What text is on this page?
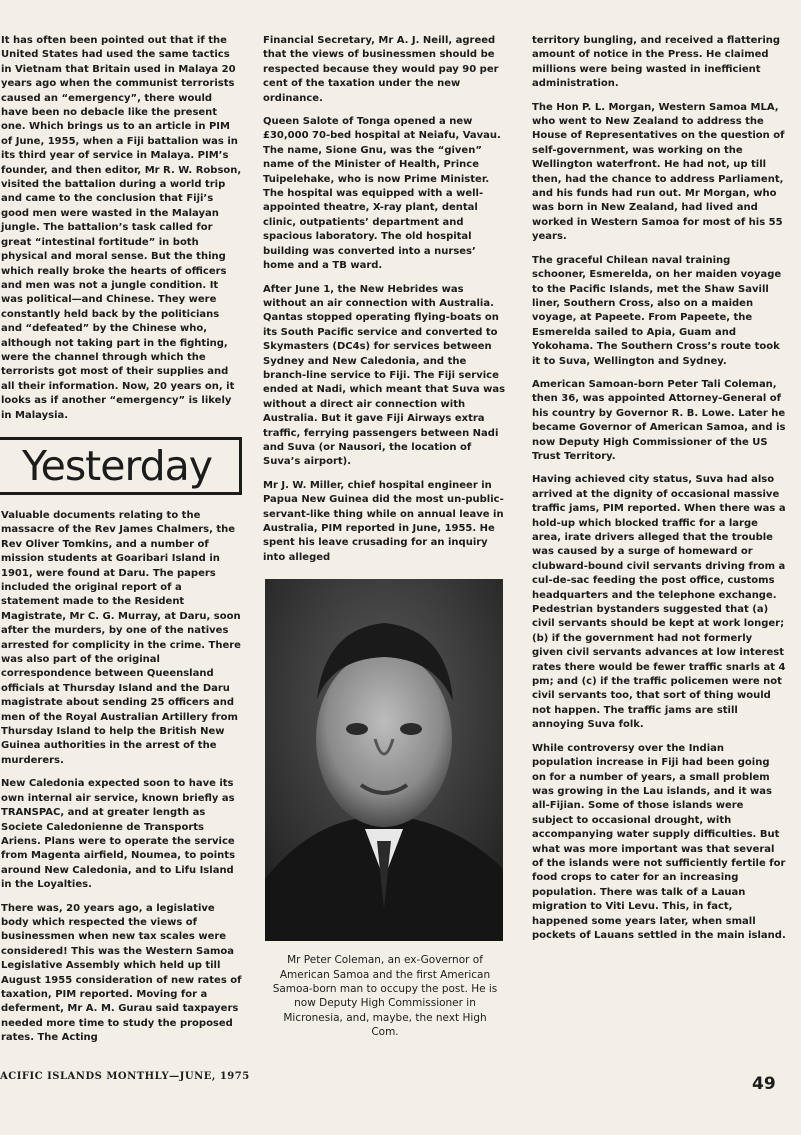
It has often been pointed out that if the United States had used the same tactics in Vietnam that Britain used in Malaya 20 years ago when the communist terrorists caused an “emergency”, there would have been no debacle like the present one. Which brings us to an article in PIM of June, 1955, when a Fiji battalion was in its third year of service in Malaya. PIM’s founder, and then editor, Mr R. W. Robson, visited the battalion during a world trip and came to the conclusion that Fiji’s good men were wasted in the Malayan jungle. The battalion’s task called for great “intestinal fortitude” in both physical and moral sense. But the thing which really broke the hearts of officers and men was not a jungle condition. It was political—and Chinese. They were constantly held back by the politicians and “defeated” by the Chinese who, although not taking part in the fighting, were the channel through which the terrorists got most of their supplies and all their information. Now, 20 years on, it looks as if another “emergency” is likely in Malaysia.

Yesterday

Valuable documents relating to the massacre of the Rev James Chalmers, the Rev Oliver Tomkins, and a number of mission students at Goaribari Island in 1901, were found at Daru. The papers included the original report of a statement made to the Resident Magistrate, Mr C. G. Murray, at Daru, soon after the murders, by one of the natives arrested for complicity in the crime. There was also part of the original correspondence between Queensland officials at Thursday Island and the Daru magistrate about sending 25 officers and men of the Royal Australian Artillery from Thursday Island to help the British New Guinea authorities in the arrest of the murderers.

New Caledonia expected soon to have its own internal air service, known briefly as TRANSPAC, and at greater length as Societe Caledonienne de Transports Ariens. Plans were to operate the service from Magenta airfield, Noumea, to points around New Caledonia, and to Lifu Island in the Loyalties.

There was, 20 years ago, a legislative body which respected the views of businessmen when new tax scales were considered! This was the Western Samoa Legislative Assembly which held up till August 1955 consideration of new rates of taxation, PIM reported. Moving for a deferment, Mr A. M. Gurau said taxpayers needed more time to study the proposed rates. The Acting

Financial Secretary, Mr A. J. Neill, agreed that the views of businessmen should be respected because they would pay 90 per cent of the taxation under the new ordinance.

Queen Salote of Tonga opened a new £30,000 70-bed hospital at Neiafu, Vavau. The name, Sione Gnu, was the “given” name of the Minister of Health, Prince Tuipelehake, who is now Prime Minister. The hospital was equipped with a well-appointed theatre, X-ray plant, dental clinic, outpatients’ department and spacious laboratory. The old hospital building was converted into a nurses’ home and a TB ward.

After June 1, the New Hebrides was without an air connection with Australia. Qantas stopped operating flying-boats on its South Pacific service and converted to Skymasters (DC4s) for services between Sydney and New Caledonia, and the branch-line service to Fiji. The Fiji service ended at Nadi, which meant that Suva was without a direct air connection with Australia. But it gave Fiji Airways extra traffic, ferrying passengers between Nadi and Suva (or Nausori, the location of Suva’s airport).

Mr J. W. Miller, chief hospital engineer in Papua New Guinea did the most un-public-servant-like thing while on annual leave in Australia, PIM reported in June, 1955. He spent his leave crusading for an inquiry into alleged

Mr Peter Coleman, an ex-Governor of American Samoa and the first American Samoa-born man to occupy the post. He is now Deputy High Commissioner in Micronesia, and, maybe, the next High Com.

territory bungling, and received a flattering amount of notice in the Press. He claimed millions were being wasted in inefficient administration.

The Hon P. L. Morgan, Western Samoa MLA, who went to New Zealand to address the House of Representatives on the question of self-government, was working on the Wellington waterfront. He had not, up till then, had the chance to address Parliament, and his funds had run out. Mr Morgan, who was born in New Zealand, had lived and worked in Western Samoa for most of his 55 years.

The graceful Chilean naval training schooner, Esmerelda, on her maiden voyage to the Pacific Islands, met the Shaw Savill liner, Southern Cross, also on a maiden voyage, at Papeete. From Papeete, the Esmerelda sailed to Apia, Guam and Yokohama. The Southern Cross’s route took it to Suva, Wellington and Sydney.

American Samoan-born Peter Tali Coleman, then 36, was appointed Attorney-General of his country by Governor R. B. Lowe. Later he became Governor of American Samoa, and is now Deputy High Commissioner of the US Trust Territory.

Having achieved city status, Suva had also arrived at the dignity of occasional massive traffic jams, PIM reported. When there was a hold-up which blocked traffic for a large area, irate drivers alleged that the trouble was caused by a surge of homeward or clubward-bound civil servants driving from a cul-de-sac feeding the post office, customs headquarters and the telephone exchange. Pedestrian bystanders suggested that (a) civil servants should be kept at work longer; (b) if the government had not formerly given civil servants advances at low interest rates there would be fewer traffic snarls at 4 pm; and (c) if the traffic policemen were not civil servants too, that sort of thing would not happen. The traffic jams are still annoying Suva folk.

While controversy over the Indian population increase in Fiji had been going on for a number of years, a small problem was growing in the Lau islands, and it was all-Fijian. Some of those islands were subject to occasional drought, with accompanying water supply difficulties. But what was more important was that several of the islands were not sufficiently fertile for food crops to cater for an increasing population. There was talk of a Lauan migration to Viti Levu. This, in fact, happened some years later, when small pockets of Lauans settled in the main island.

ACIFIC ISLANDS MONTHLY—JUNE, 1975	49
